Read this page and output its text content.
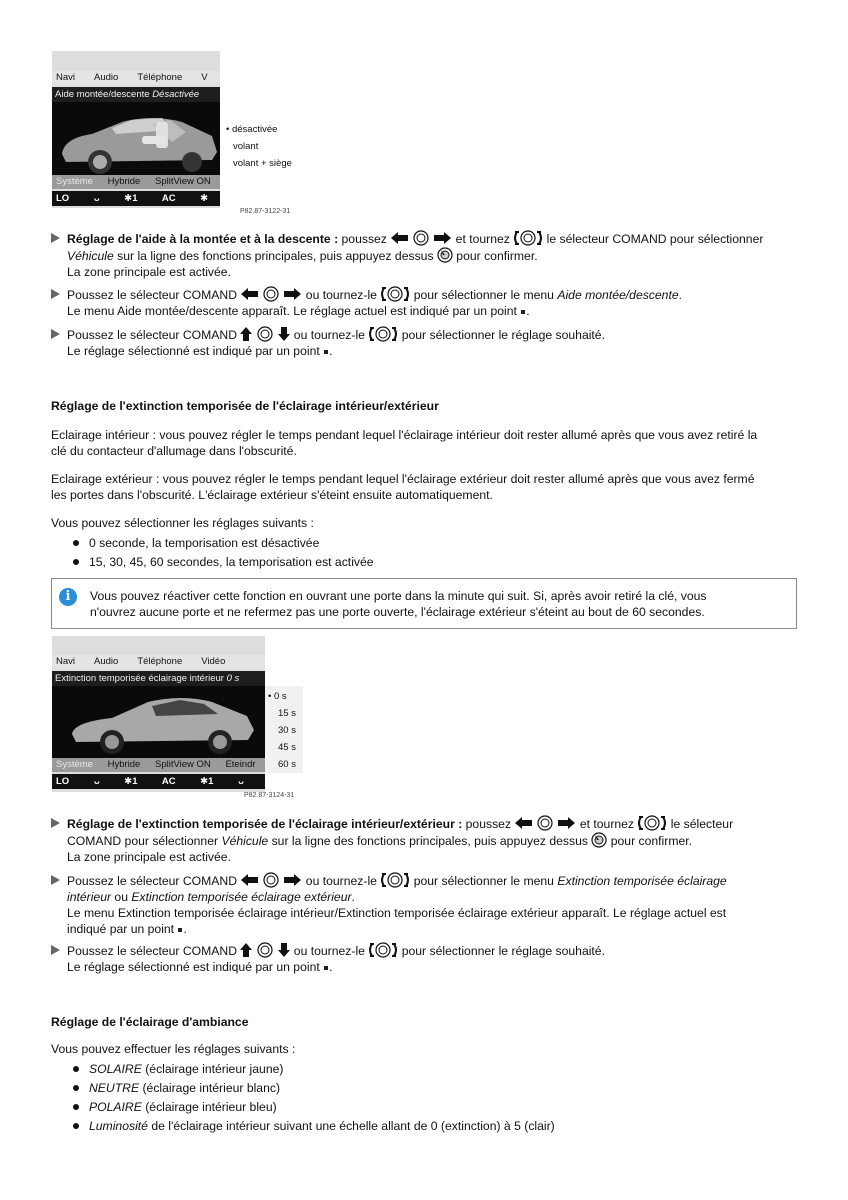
Navi Audio Téléphone V
Aide montée/descente Désactivée
Système Hybride SplitView ON
LO	ᴗ	✱1	AC	✱
• désactivée
volant
volant + siège
P82.87-3122-31
Réglage de l'aide à la montée et à la descente : poussez	et tournez  le sélecteur COMAND pour sélectionner
Véhicule sur la ligne des fonctions principales, puis appuyez dessus  pour confirmer.
La zone principale est activée.
Poussez le sélecteur COMAND	ou tournez-le  pour sélectionner le menu Aide montée/descente.
Le menu Aide montée/descente apparaît. Le réglage actuel est indiqué par un point .
Poussez le sélecteur COMAND	ou tournez-le  pour sélectionner le réglage souhaité.
Le réglage sélectionné est indiqué par un point .
Réglage de l'extinction temporisée de l'éclairage intérieur/extérieur
Eclairage intérieur : vous pouvez régler le temps pendant lequel l'éclairage intérieur doit rester allumé après que vous avez retiré la
clé du contacteur d'allumage dans l'obscurité.
Eclairage extérieur : vous pouvez régler le temps pendant lequel l'éclairage extérieur doit rester allumé après que vous avez fermé
les portes dans l'obscurité. L'éclairage extérieur s'éteint ensuite automatiquement.
Vous pouvez sélectionner les réglages suivants :
0 seconde, la temporisation est désactivée
15, 30, 45, 60 secondes, la temporisation est activée
i	Vous pouvez réactiver cette fonction en ouvrant une porte dans la minute qui suit. Si, après avoir retiré la clé, vous
n'ouvrez aucune porte et ne refermez pas une porte ouverte, l'éclairage extérieur s'éteint au bout de 60 secondes.
Navi Audio Téléphone Vidéo
Extinction temporisée éclairage intérieur 0 s
Système Hybride SplitView ON Eteindr
LO	ᴗ	✱1	AC	✱1	ᴗ
• 0 s
15 s
30 s
45 s
60 s
P82.87-3124-31
Réglage de l'extinction temporisée de l'éclairage intérieur/extérieur : poussez	et tournez  le sélecteur
COMAND pour sélectionner Véhicule sur la ligne des fonctions principales, puis appuyez dessus  pour confirmer.
La zone principale est activée.
Poussez le sélecteur COMAND	ou tournez-le  pour sélectionner le menu Extinction temporisée éclairage
intérieur ou Extinction temporisée éclairage extérieur.
Le menu Extinction temporisée éclairage intérieur/Extinction temporisée éclairage extérieur apparaît. Le réglage actuel est
indiqué par un point .
Poussez le sélecteur COMAND	ou tournez-le  pour sélectionner le réglage souhaité.
Le réglage sélectionné est indiqué par un point .
Réglage de l'éclairage d'ambiance
Vous pouvez effectuer les réglages suivants :
SOLAIRE (éclairage intérieur jaune)
NEUTRE (éclairage intérieur blanc)
POLAIRE (éclairage intérieur bleu)
Luminosité de l'éclairage intérieur suivant une échelle allant de 0 (extinction) à 5 (clair)
